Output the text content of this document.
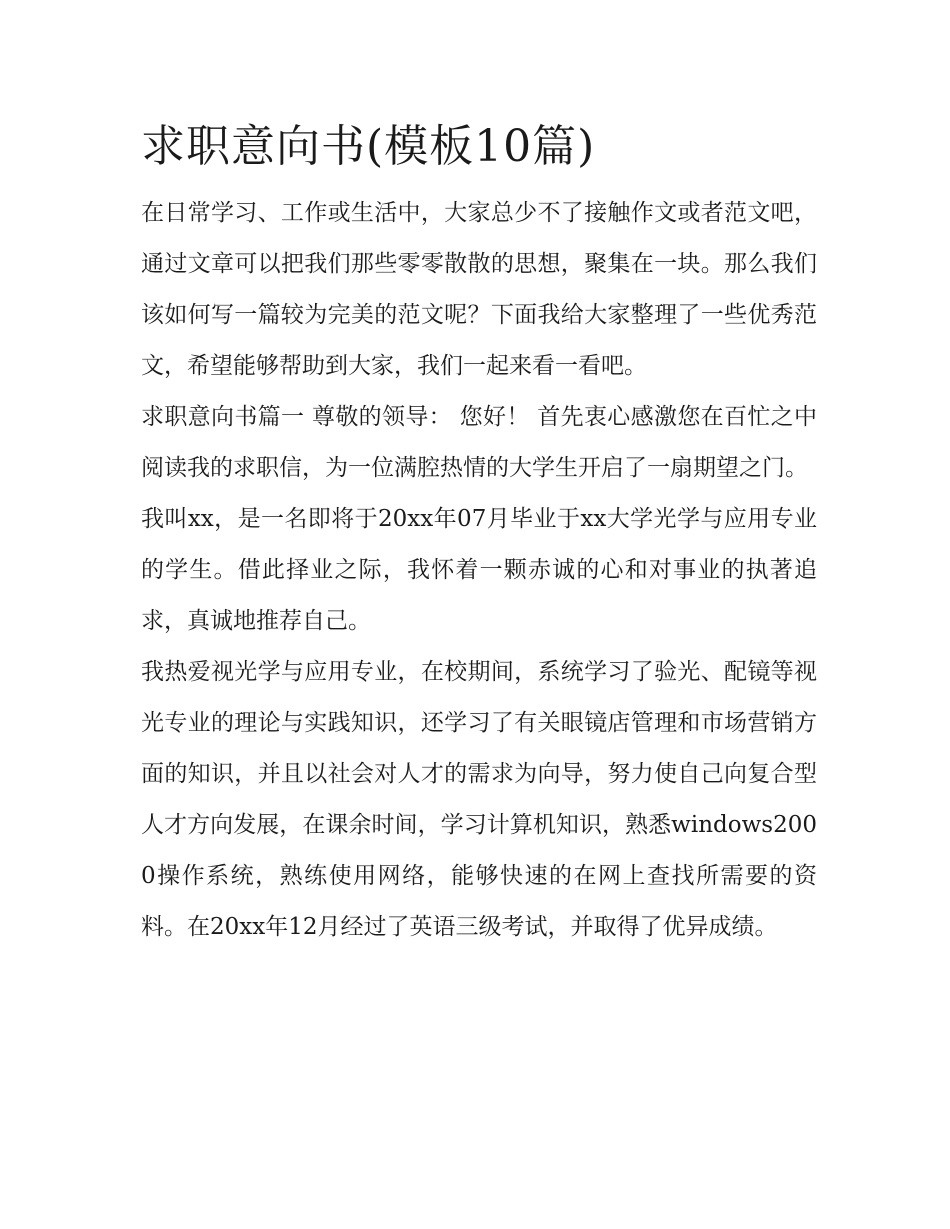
求职意向书(模板10篇)

在日常学习、工作或生活中，大家总少不了接触作文或者范文吧，通过文章可以把我们那些零零散散的思想，聚集在一块。那么我们该如何写一篇较为完美的范文呢？下面我给大家整理了一些优秀范文，希望能够帮助到大家，我们一起来看一看吧。

求职意向书篇一 尊敬的领导： 您好！ 首先衷心感激您在百忙之中阅读我的求职信，为一位满腔热情的大学生开启了一扇期望之门。

我叫xx，是一名即将于20xx年07月毕业于xx大学光学与应用专业的学生。借此择业之际，我怀着一颗赤诚的心和对事业的执著追求，真诚地推荐自己。

我热爱视光学与应用专业，在校期间，系统学习了验光、配镜等视光专业的理论与实践知识，还学习了有关眼镜店管理和市场营销方面的知识，并且以社会对人才的需求为向导，努力使自己向复合型人才方向发展，在课余时间，学习计算机知识，熟悉windows2000操作系统，熟练使用网络，能够快速的在网上查找所需要的资料。在20xx年12月经过了英语三级考试，并取得了优异成绩。
